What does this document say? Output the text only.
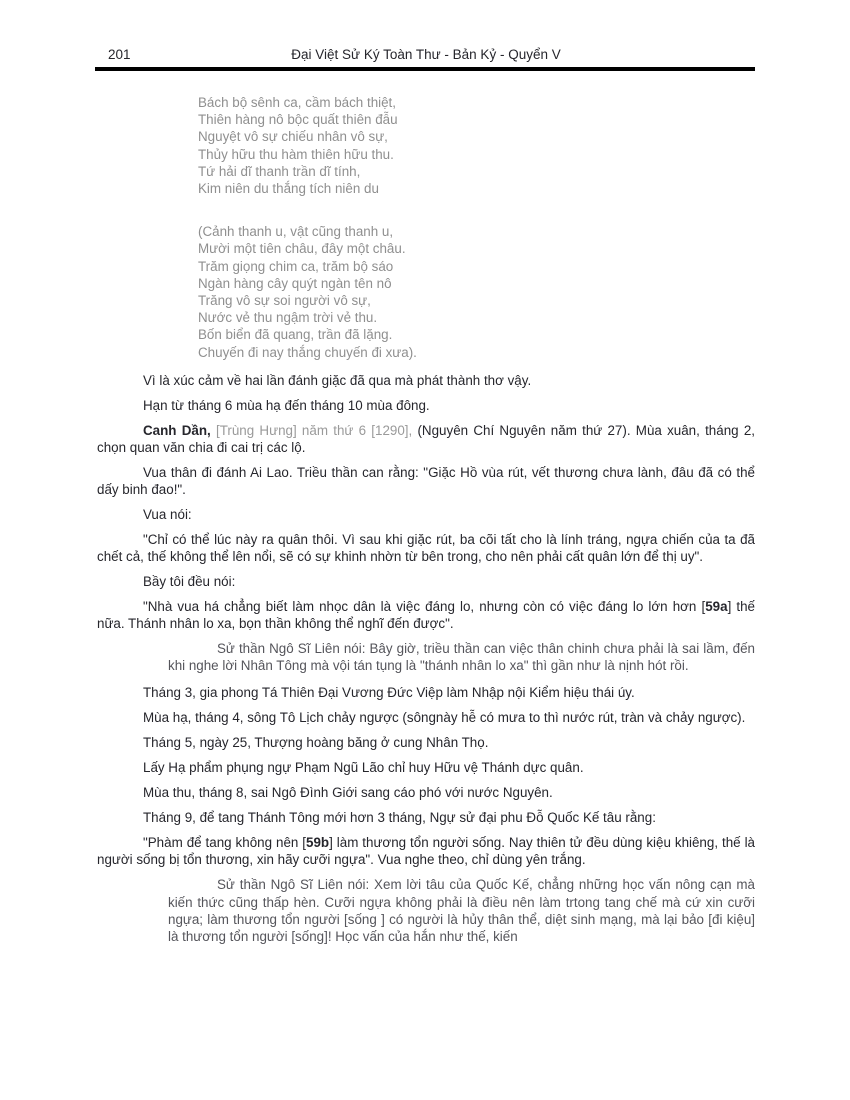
201	Đại Việt Sử Ký Toàn Thư - Bản Kỷ - Quyển V
Bách bộ sênh ca, cầm bách thiệt,
Thiên hàng nô bộc quất thiên đẫu
Nguyệt vô sự chiếu nhân vô sự,
Thủy hữu thu hàm thiên hữu thu.
Tứ hải dĩ thanh trần dĩ tính,
Kim niên du thắng tích niên du
(Cảnh thanh u, vật cũng thanh u,
Mười một tiên châu, đây một châu.
Trăm giọng chim ca, trăm bộ sáo
Ngàn hàng cây quýt ngàn tên nô
Trăng vô sự soi người vô sự,
Nước vẻ thu ngậm trời vẻ thu.
Bốn biển đã quang, trần đã lặng.
Chuyến đi nay thắng chuyến đi xưa).

Vì là xúc cảm về hai lần đánh giặc đã qua mà phát thành thơ vậy.

Hạn từ tháng 6 mùa hạ đến tháng 10 mùa đông.

Canh Dần, [Trùng Hưng] năm thứ 6 [1290], (Nguyên Chí Nguyên năm thứ 27). Mùa xuân, tháng 2, chọn quan văn chia đi cai trị các lộ.

Vua thân đi đánh Ai Lao. Triều thần can rằng: "Giặc Hồ vùa rút, vết thương chưa lành, đâu đã có thể dấy binh đao!".

Vua nói:

"Chỉ có thể lúc này ra quân thôi. Vì sau khi giặc rút, ba cõi tất cho là lính tráng, ngựa chiến của ta đã chết cả, thế không thể lên nổi, sẽ có sự khinh nhờn từ bên trong, cho nên phải cất quân lớn để thị uy".

Bầy tôi đều nói:

"Nhà vua há chẳng biết làm nhọc dân là việc đáng lo, nhưng còn có việc đáng lo lớn hơn [59a] thế nữa. Thánh nhân lo xa, bọn thần không thể nghĩ đến được".

Sử thần Ngô Sĩ Liên nói: Bây giờ, triều thần can việc thân chinh chưa phải là sai lầm, đến khi nghe lời Nhân Tông mà vội tán tụng là "thánh nhân lo xa" thì gần như là nịnh hót rồi.

Tháng 3, gia phong Tá Thiên Đại Vương Đức Việp làm Nhập nội Kiểm hiệu thái úy.

Mùa hạ, tháng 4, sông Tô Lịch chảy ngược (sôngnày hễ có mưa to thì nước rút, tràn và chảy ngược).

Tháng 5, ngày 25, Thượng hoàng băng ở cung Nhân Thọ.

Lấy Hạ phẩm phụng ngự Phạm Ngũ Lão chỉ huy Hữu vệ Thánh dực quân.

Mùa thu, tháng 8, sai Ngô Đình Giới sang cáo phó với nước Nguyên.

Tháng 9, để tang Thánh Tông mới hơn 3 tháng, Ngự sử đại phu Đỗ Quốc Kế tâu rằng:

"Phàm để tang không nên [59b] làm thương tổn người sống. Nay thiên tử đều dùng kiệu khiêng, thế là người sống bị tổn thương, xin hãy cưỡi ngựa". Vua nghe theo, chỉ dùng yên trắng.

Sử thần Ngô Sĩ Liên nói: Xem lời tâu của Quốc Kế, chẳng những học vấn nông cạn mà kiến thức cũng thấp hèn. Cưỡi ngựa không phải là điều nên làm trtong tang chế mà cứ xin cưỡi ngựa; làm thương tổn người [sống ] có người là hủy thân thể, diệt sinh mạng, mà lại bảo [đi kiệu] là thương tổn người [sống]! Học vấn của hắn như thế, kiến
